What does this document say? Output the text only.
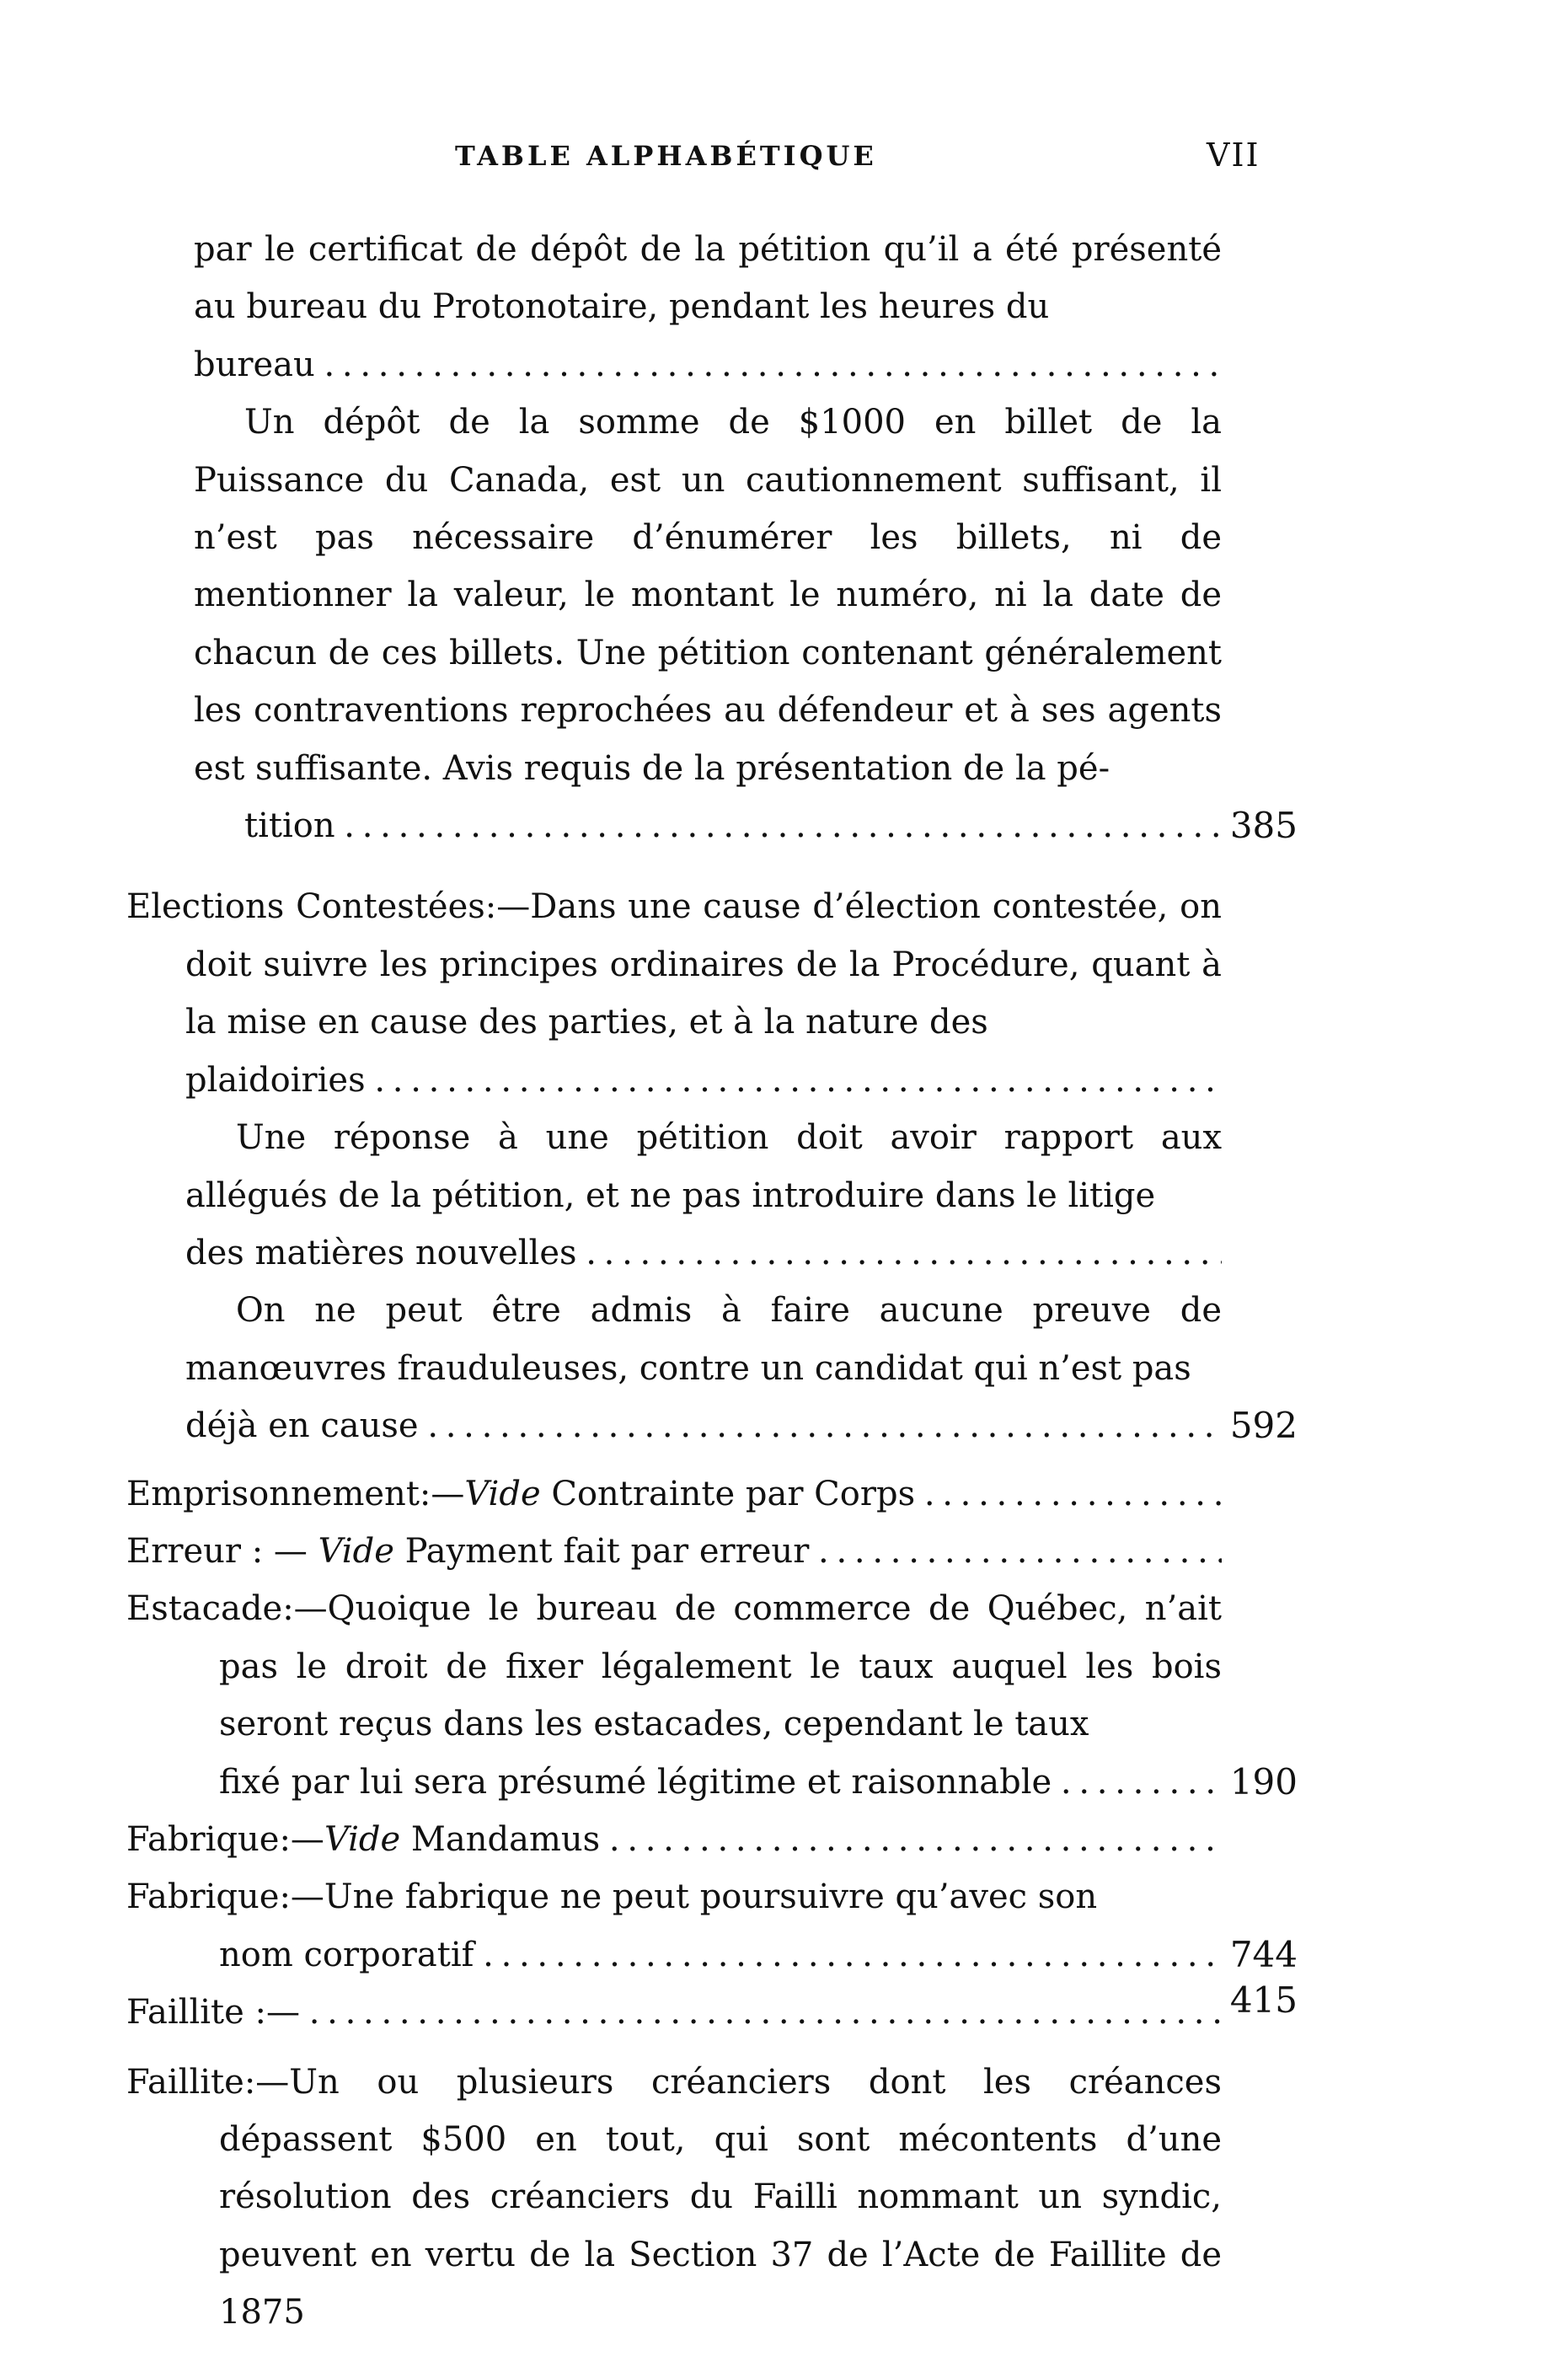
TABLE ALPHABÉTIQUE	VII
par le certificat de dépôt de la pétition qu’il a été présenté au bureau du Protonotaire, pendant les heures du
bureau . . .
Un dépôt de la somme de $1000 en billet de la Puissance du Canada, est un cautionnement suffisant, il n’est pas nécessaire d’énumérer les billets, ni de mentionner la valeur, le montant le numéro, ni la date de chacun de ces billets. Une pétition contenant généralement les contraventions reprochées au défendeur et à ses agents est suffisante. Avis requis de la présentation de la pé-
tition . . .	385
Elections Contestées:—Dans une cause d’élection contestée, on doit suivre les principes ordinaires de la Procédure, quant à la mise en cause des parties, et à la nature des
plaidoiries . . .
Une réponse à une pétition doit avoir rapport aux allégués de la pétition, et ne pas introduire dans le litige
des matières nouvelles . . .
On ne peut être admis à faire aucune preuve de manœuvres frauduleuses, contre un candidat qui n’est pas
déjà en cause . . .	592
Emprisonnement:—Vide Contrainte par Corps . . .
Erreur : — Vide Payment fait par erreur . . .
Estacade:—Quoique le bureau de commerce de Québec, n’ait pas le droit de fixer légalement le taux auquel les bois seront reçus dans les estacades, cependant le taux
fixé par lui sera présumé légitime et raisonnable . . .	190
Fabrique:—Vide Mandamus . . .
Fabrique:—Une fabrique ne peut poursuivre qu’avec son
nom corporatif . . .	744
Faillite :— . . .	415
Faillite:—Un ou plusieurs créanciers dont les créances dépassent $500 en tout, qui sont mécontents d’une résolution des créanciers du Failli nommant un syndic, peuvent en vertu de la Section 37 de l’Acte de Faillite de 1875
